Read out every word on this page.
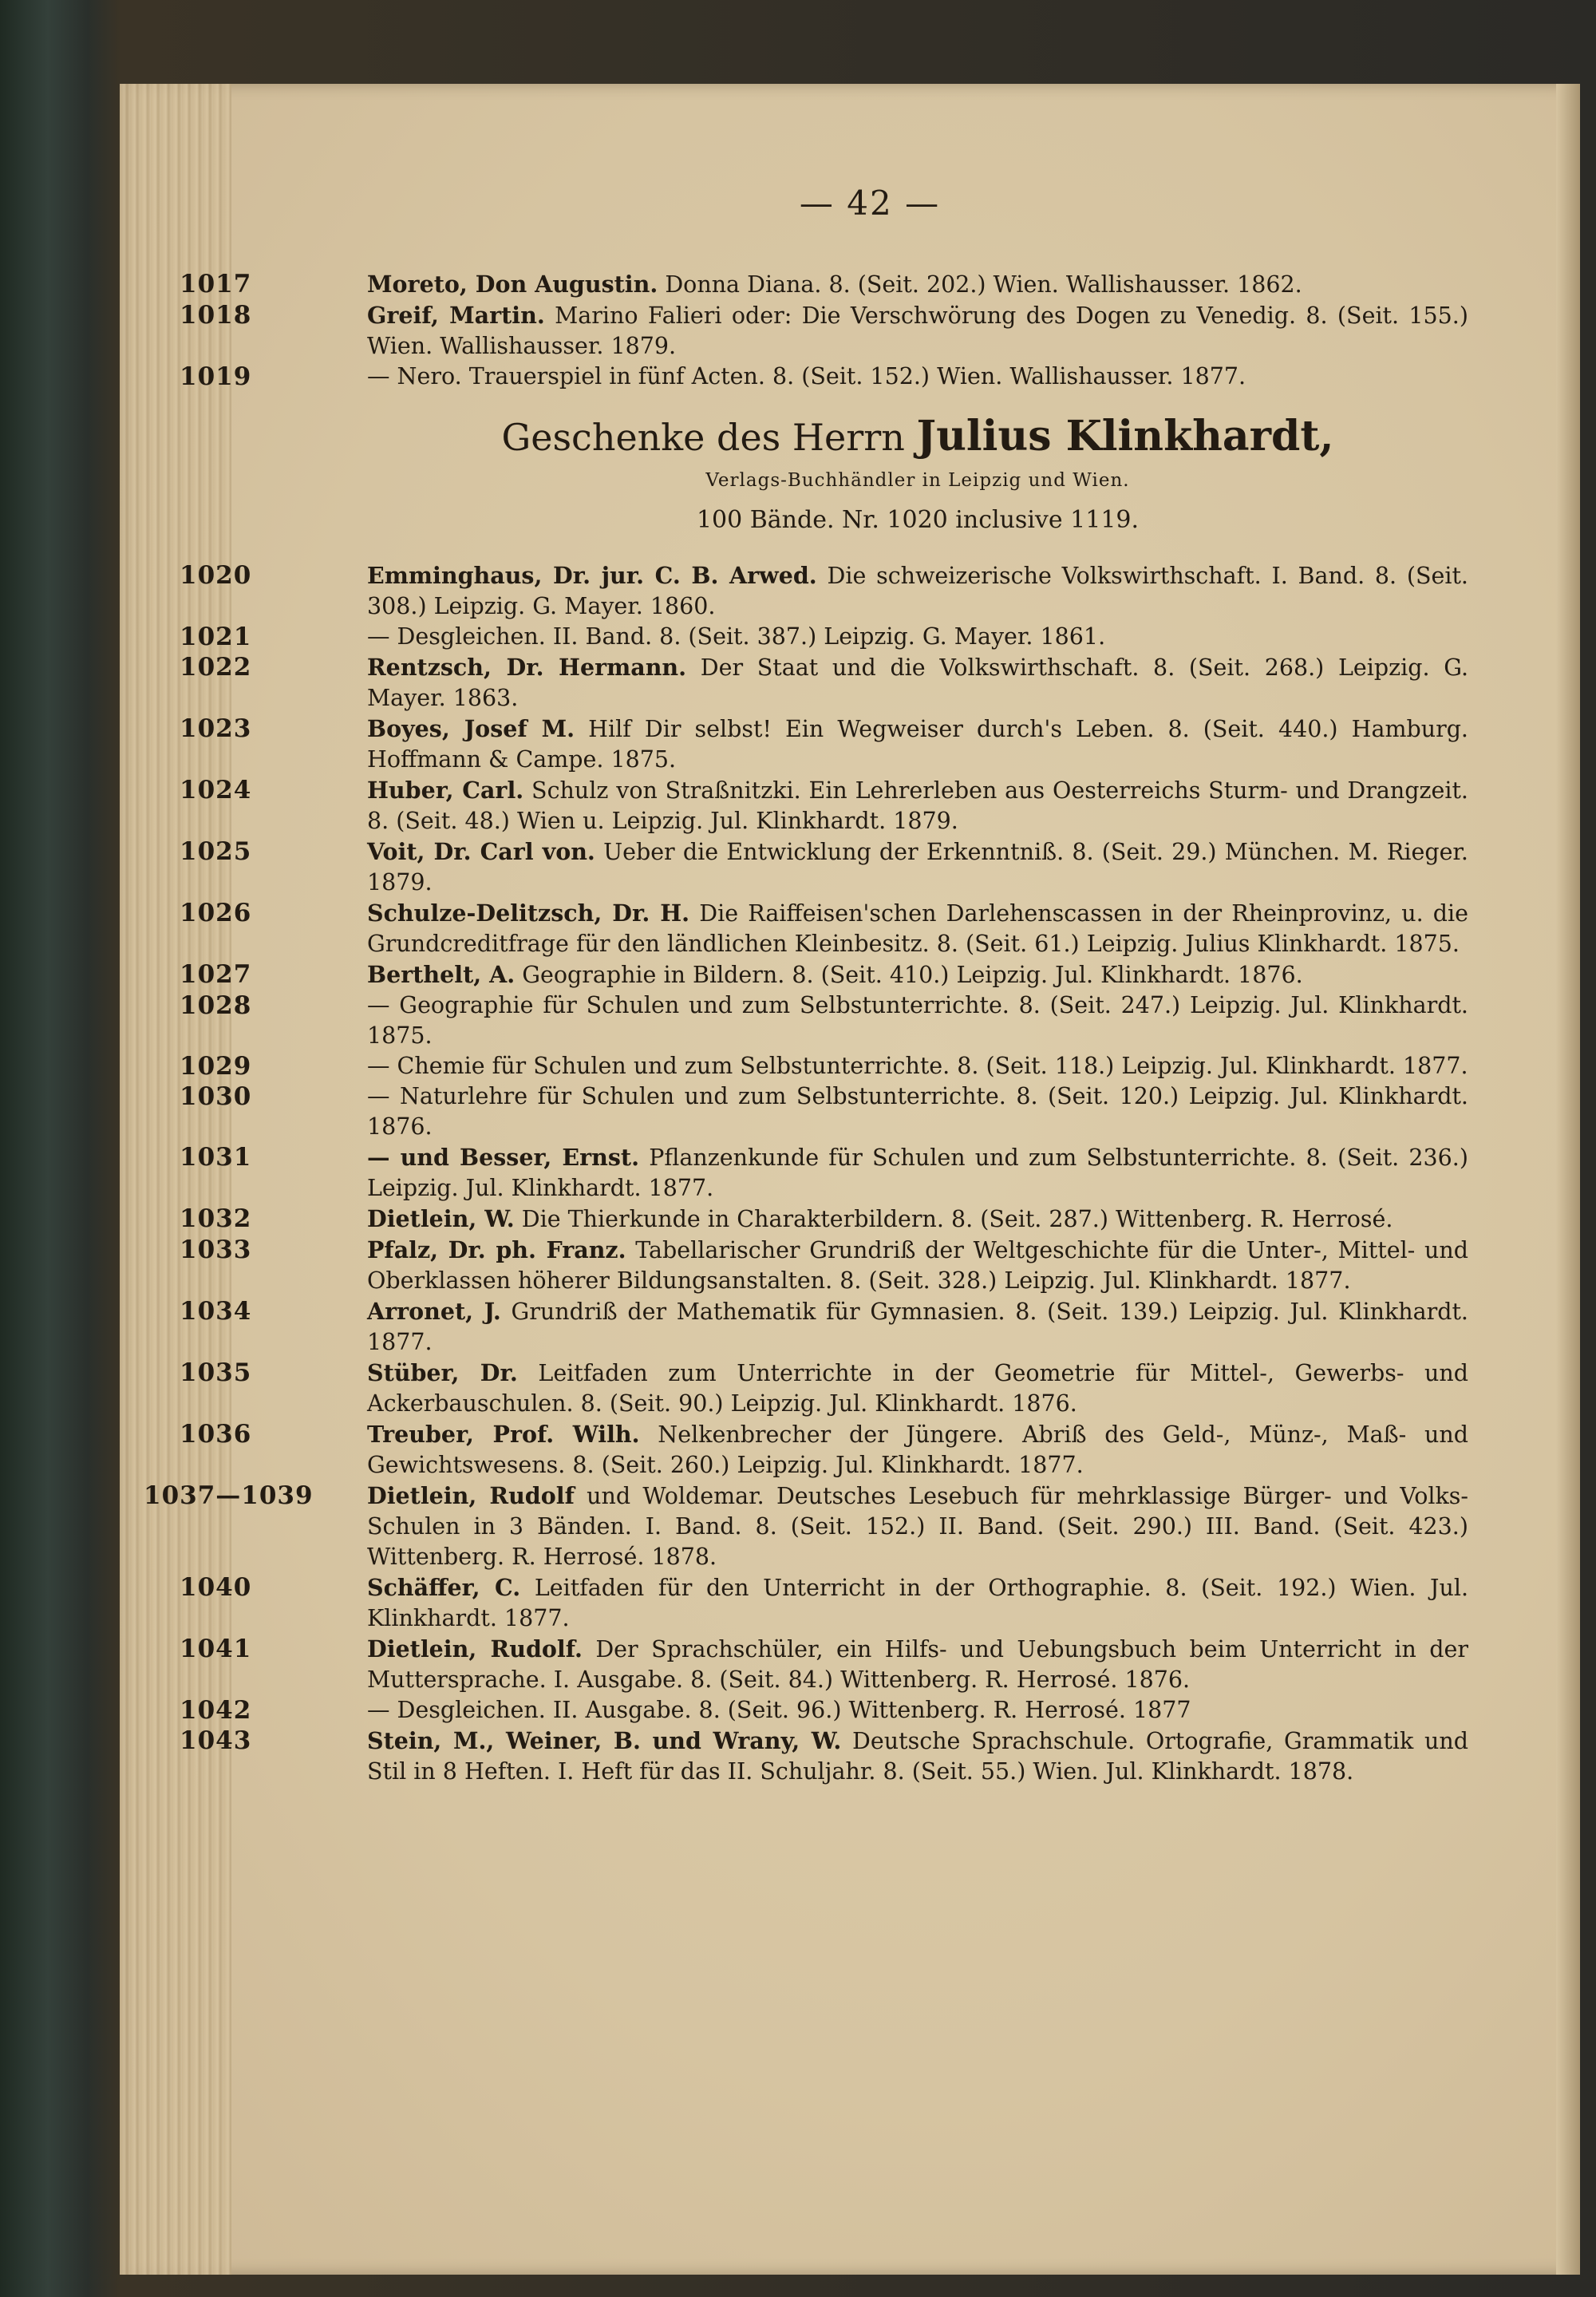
— 42 —

1017	Moreto, Don Augustin. Donna Diana. 8. (Seit. 202.) Wien. Wallishausser. 1862.

1018	Greif, Martin. Marino Falieri oder: Die Verschwörung des Dogen zu Venedig. 8. (Seit. 155.) Wien. Wallishausser. 1879.

1019	— Nero. Trauerspiel in fünf Acten. 8. (Seit. 152.) Wien. Wallishausser. 1877.

Geschenke des Herrn Julius Klinkhardt,
Verlags-Buchhändler in Leipzig und Wien.
100 Bände. Nr. 1020 inclusive 1119.

1020	Emminghaus, Dr. jur. C. B. Arwed. Die schweizerische Volkswirthschaft. I. Band. 8. (Seit. 308.) Leipzig. G. Mayer. 1860.

1021	— Desgleichen. II. Band. 8. (Seit. 387.) Leipzig. G. Mayer. 1861.

1022	Rentzsch, Dr. Hermann. Der Staat und die Volkswirthschaft. 8. (Seit. 268.) Leipzig. G. Mayer. 1863.

1023	Boyes, Josef M. Hilf Dir selbst! Ein Wegweiser durch's Leben. 8. (Seit. 440.) Hamburg. Hoffmann & Campe. 1875.

1024	Huber, Carl. Schulz von Straßnitzki. Ein Lehrerleben aus Oesterreichs Sturm- und Drangzeit. 8. (Seit. 48.) Wien u. Leipzig. Jul. Klinkhardt. 1879.

1025	Voit, Dr. Carl von. Ueber die Entwicklung der Erkenntniß. 8. (Seit. 29.) München. M. Rieger. 1879.

1026	Schulze-Delitzsch, Dr. H. Die Raiffeisen'schen Darlehenscassen in der Rheinprovinz, u. die Grundcreditfrage für den ländlichen Kleinbesitz. 8. (Seit. 61.) Leipzig. Julius Klinkhardt. 1875.

1027	Berthelt, A. Geographie in Bildern. 8. (Seit. 410.) Leipzig. Jul. Klinkhardt. 1876.

1028	— Geographie für Schulen und zum Selbstunterrichte. 8. (Seit. 247.) Leipzig. Jul. Klinkhardt. 1875.

1029	— Chemie für Schulen und zum Selbstunterrichte. 8. (Seit. 118.) Leipzig. Jul. Klinkhardt. 1877.

1030	— Naturlehre für Schulen und zum Selbstunterrichte. 8. (Seit. 120.) Leipzig. Jul. Klinkhardt. 1876.

1031	— und Besser, Ernst. Pflanzenkunde für Schulen und zum Selbstunterrichte. 8. (Seit. 236.) Leipzig. Jul. Klinkhardt. 1877.

1032	Dietlein, W. Die Thierkunde in Charakterbildern. 8. (Seit. 287.) Wittenberg. R. Herrosé.

1033	Pfalz, Dr. ph. Franz. Tabellarischer Grundriß der Weltgeschichte für die Unter-, Mittel- und Oberklassen höherer Bildungsanstalten. 8. (Seit. 328.) Leipzig. Jul. Klinkhardt. 1877.

1034	Arronet, J. Grundriß der Mathematik für Gymnasien. 8. (Seit. 139.) Leipzig. Jul. Klinkhardt. 1877.

1035	Stüber, Dr. Leitfaden zum Unterrichte in der Geometrie für Mittel-, Gewerbs- und Ackerbauschulen. 8. (Seit. 90.) Leipzig. Jul. Klinkhardt. 1876.

1036	Treuber, Prof. Wilh. Nelkenbrecher der Jüngere. Abriß des Geld-, Münz-, Maß- und Gewichtswesens. 8. (Seit. 260.) Leipzig. Jul. Klinkhardt. 1877.

1037—1039 Dietlein, Rudolf und Woldemar. Deutsches Lesebuch für mehrklassige Bürger- und Volks-Schulen in 3 Bänden. I. Band. 8. (Seit. 152.) II. Band. (Seit. 290.) III. Band. (Seit. 423.) Wittenberg. R. Herrosé. 1878.

1040	Schäffer, C. Leitfaden für den Unterricht in der Orthographie. 8. (Seit. 192.) Wien. Jul. Klinkhardt. 1877.

1041	Dietlein, Rudolf. Der Sprachschüler, ein Hilfs- und Uebungsbuch beim Unterricht in der Muttersprache. I. Ausgabe. 8. (Seit. 84.) Wittenberg. R. Herrosé. 1876.

1042	— Desgleichen. II. Ausgabe. 8. (Seit. 96.) Wittenberg. R. Herrosé. 1877

1043	Stein, M., Weiner, B. und Wrany, W. Deutsche Sprachschule. Ortografie, Grammatik und Stil in 8 Heften. I. Heft für das II. Schuljahr. 8. (Seit. 55.) Wien. Jul. Klinkhardt. 1878.
